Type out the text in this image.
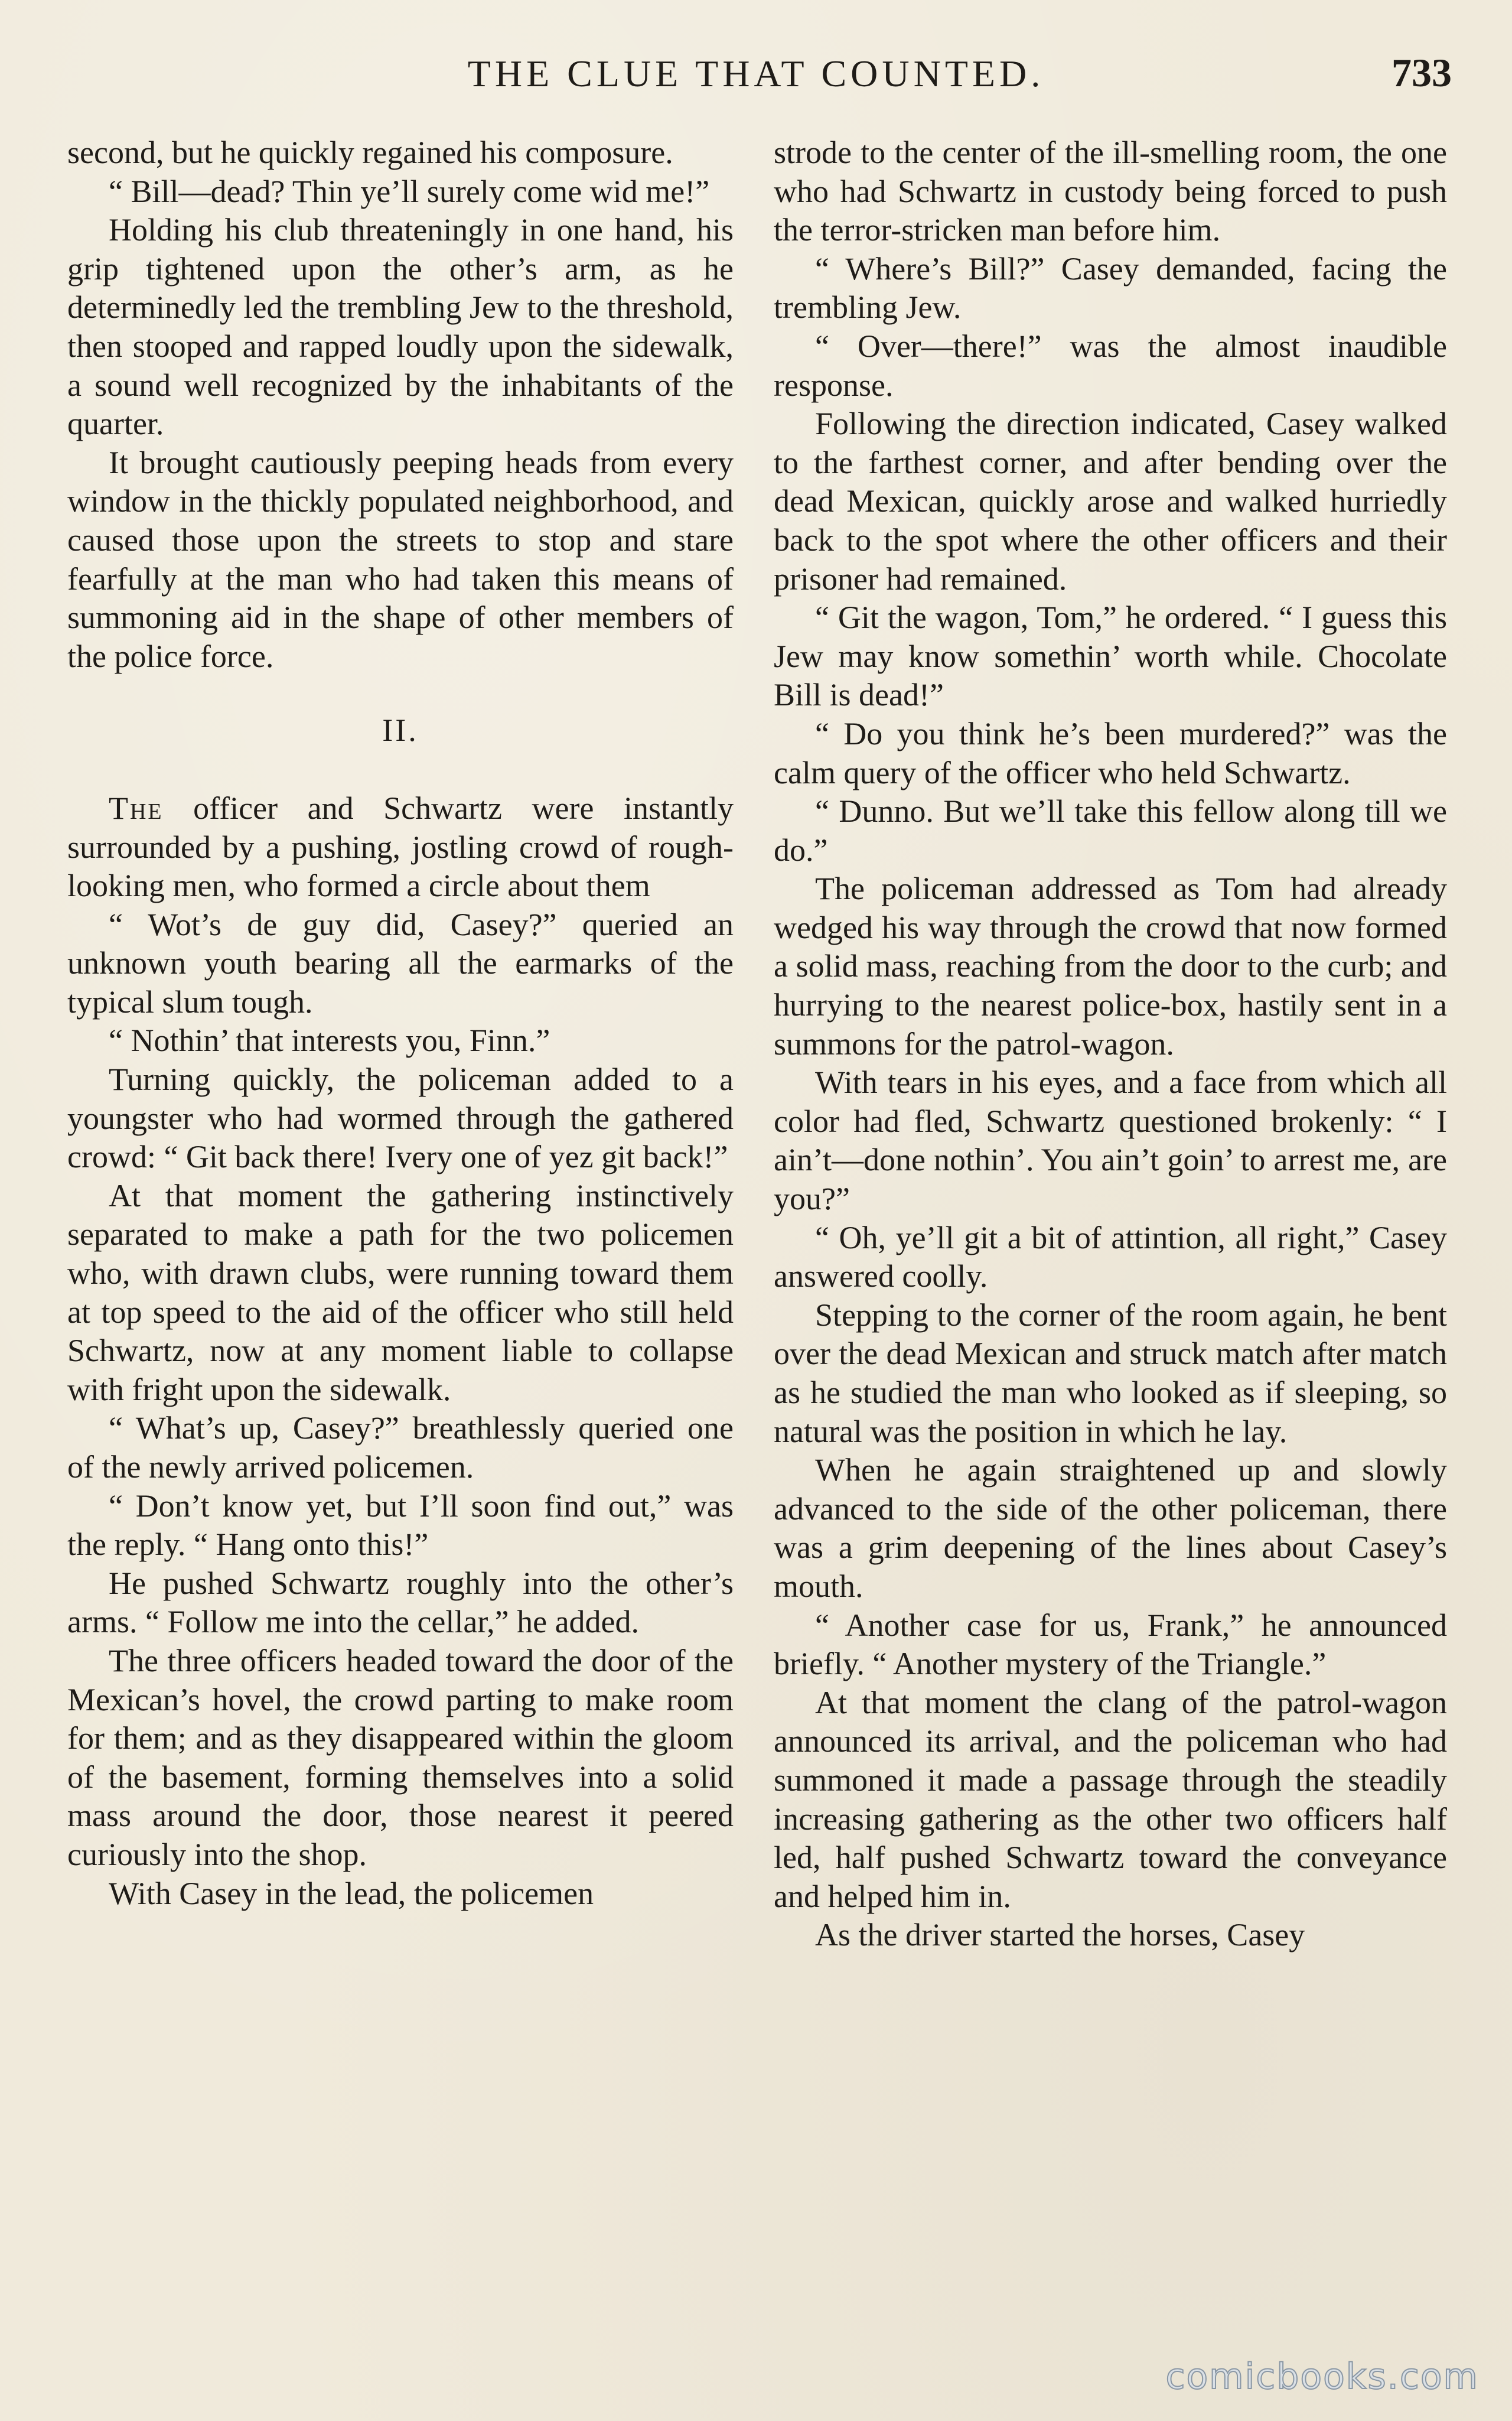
THE CLUE THAT COUNTED.	733

second, but he quickly regained his composure.

“ Bill—dead? Thin ye’ll surely come wid me!”

Holding his club threateningly in one hand, his grip tightened upon the other’s arm, as he determinedly led the trembling Jew to the threshold, then stooped and rapped loudly upon the sidewalk, a sound well recognized by the inhabitants of the quarter.

It brought cautiously peeping heads from every window in the thickly populated neighborhood, and caused those upon the streets to stop and stare fearfully at the man who had taken this means of summoning aid in the shape of other members of the police force.

II.

The officer and Schwartz were instantly surrounded by a pushing, jostling crowd of rough-looking men, who formed a circle about them

“ Wot’s de guy did, Casey?” queried an unknown youth bearing all the earmarks of the typical slum tough.

“ Nothin’ that interests you, Finn.”

Turning quickly, the policeman added to a youngster who had wormed through the gathered crowd: “ Git back there! Ivery one of yez git back!”

At that moment the gathering instinctively separated to make a path for the two policemen who, with drawn clubs, were running toward them at top speed to the aid of the officer who still held Schwartz, now at any moment liable to collapse with fright upon the sidewalk.

“ What’s up, Casey?” breathlessly queried one of the newly arrived policemen.

“ Don’t know yet, but I’ll soon find out,” was the reply. “ Hang onto this!”

He pushed Schwartz roughly into the other’s arms. “ Follow me into the cellar,” he added.

The three officers headed toward the door of the Mexican’s hovel, the crowd parting to make room for them; and as they disappeared within the gloom of the basement, forming themselves into a solid mass around the door, those nearest it peered curiously into the shop.

With Casey in the lead, the policemen

strode to the center of the ill-smelling room, the one who had Schwartz in custody being forced to push the terror-stricken man before him.

“ Where’s Bill?” Casey demanded, facing the trembling Jew.

“ Over—there!” was the almost inaudible response.

Following the direction indicated, Casey walked to the farthest corner, and after bending over the dead Mexican, quickly arose and walked hurriedly back to the spot where the other officers and their prisoner had remained.

“ Git the wagon, Tom,” he ordered. “ I guess this Jew may know somethin’ worth while. Chocolate Bill is dead!”

“ Do you think he’s been murdered?” was the calm query of the officer who held Schwartz.

“ Dunno. But we’ll take this fellow along till we do.”

The policeman addressed as Tom had already wedged his way through the crowd that now formed a solid mass, reaching from the door to the curb; and hurrying to the nearest police-box, hastily sent in a summons for the patrol-wagon.

With tears in his eyes, and a face from which all color had fled, Schwartz questioned brokenly: “ I ain’t—done nothin’. You ain’t goin’ to arrest me, are you?”

“ Oh, ye’ll git a bit of attintion, all right,” Casey answered coolly.

Stepping to the corner of the room again, he bent over the dead Mexican and struck match after match as he studied the man who looked as if sleeping, so natural was the position in which he lay.

When he again straightened up and slowly advanced to the side of the other policeman, there was a grim deepening of the lines about Casey’s mouth.

“ Another case for us, Frank,” he announced briefly. “ Another mystery of the Triangle.”

At that moment the clang of the patrol-wagon announced its arrival, and the policeman who had summoned it made a passage through the steadily increasing gathering as the other two officers half led, half pushed Schwartz toward the conveyance and helped him in.

As the driver started the horses, Casey

comicbooks.com
